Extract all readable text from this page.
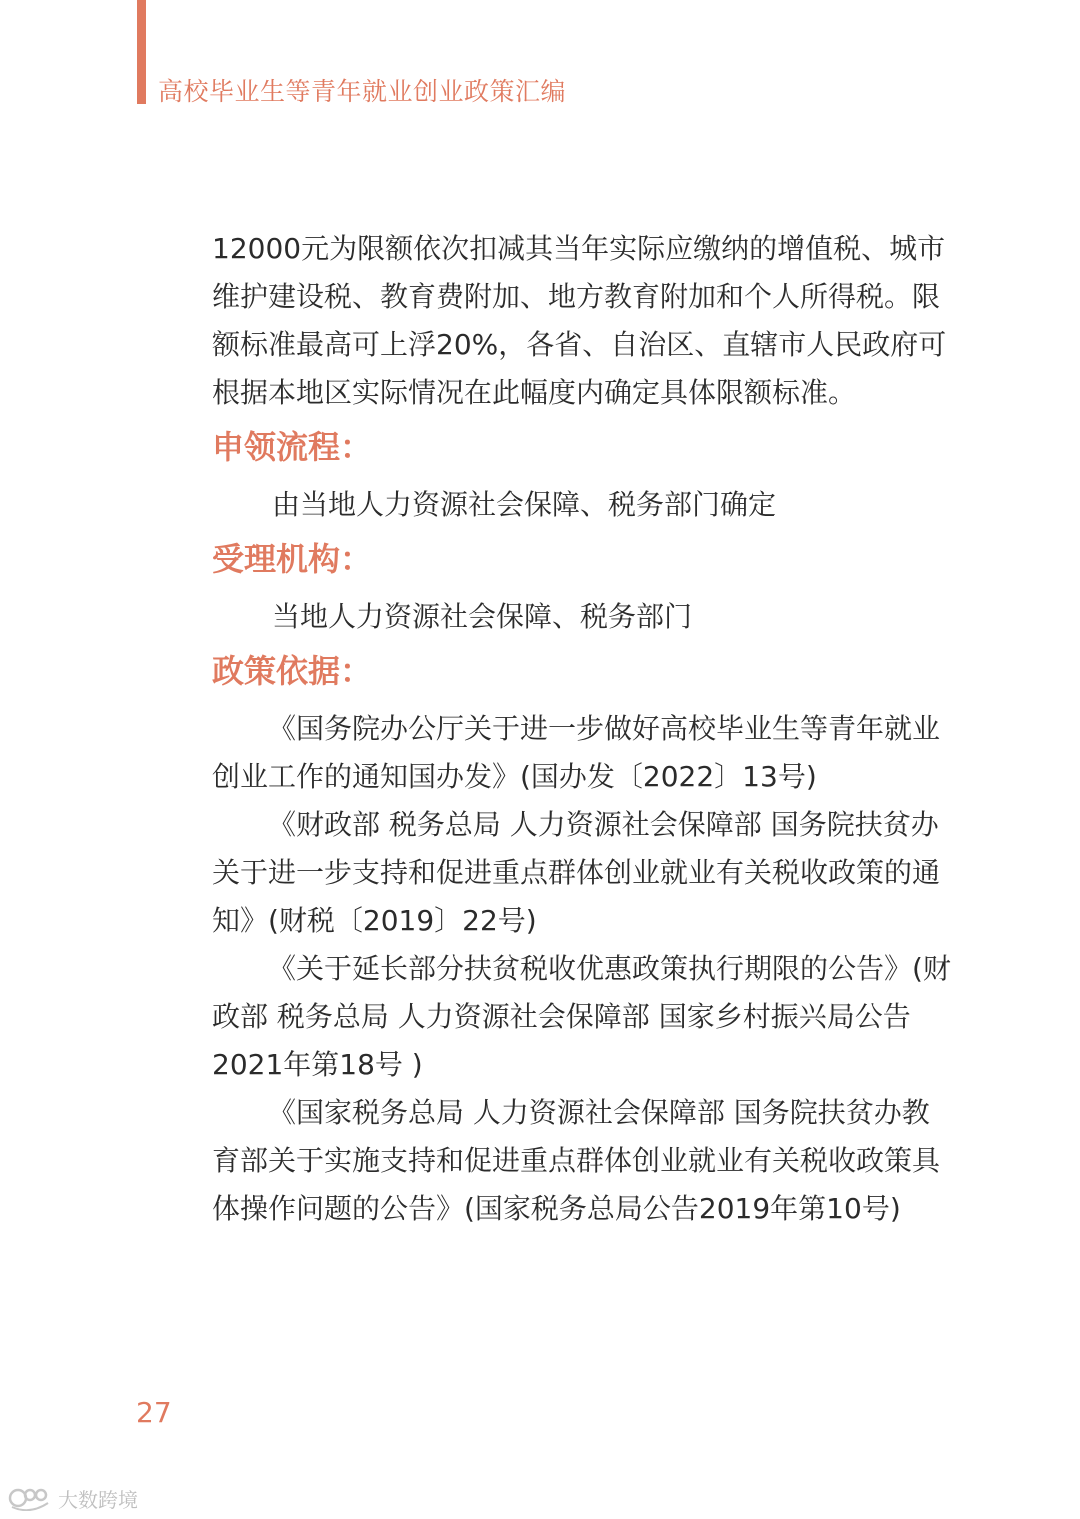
高校毕业生等青年就业创业政策汇编

12000元为限额依次扣减其当年实际应缴纳的增值税、城市维护建设税、教育费附加、地方教育附加和个人所得税。限额标准最高可上浮20%，各省、自治区、直辖市人民政府可根据本地区实际情况在此幅度内确定具体限额标准。

申领流程：

由当地人力资源社会保障、税务部门确定

受理机构：

当地人力资源社会保障、税务部门

政策依据：

《国务院办公厅关于进一步做好高校毕业生等青年就业创业工作的通知国办发》(国办发〔2022〕13号)

《财政部 税务总局 人力资源社会保障部 国务院扶贫办关于进一步支持和促进重点群体创业就业有关税收政策的通知》(财税〔2019〕22号)

《关于延长部分扶贫税收优惠政策执行期限的公告》(财政部 税务总局 人力资源社会保障部 国家乡村振兴局公告2021年第18号 )

《国家税务总局 人力资源社会保障部 国务院扶贫办教育部关于实施支持和促进重点群体创业就业有关税收政策具体操作问题的公告》(国家税务总局公告2019年第10号)

27
大数跨境
